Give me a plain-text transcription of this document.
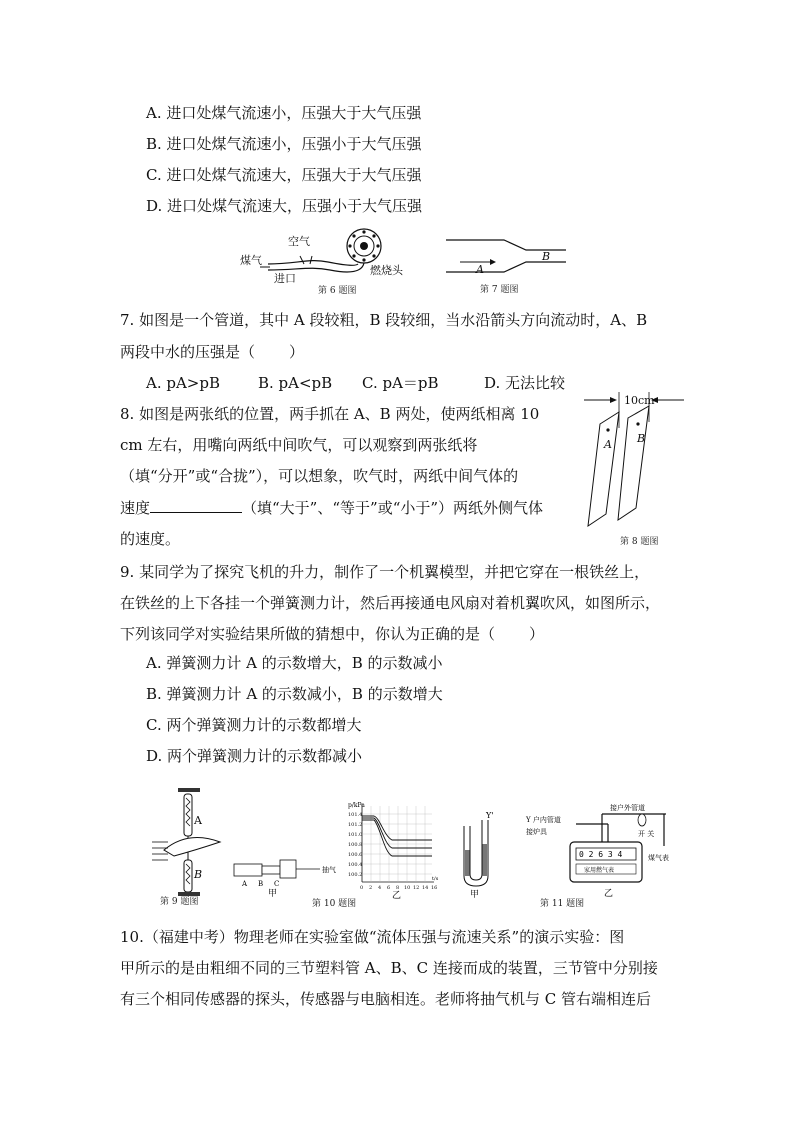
A. 进口处煤气流速小，压强大于大气压强
B. 进口处煤气流速小，压强小于大气压强
C. 进口处煤气流速大，压强大于大气压强
D. 进口处煤气流速大，压强小于大气压强
空气
煤气
进口
燃烧头
第 6 题图
A
B
第 7 题图
7. 如图是一个管道，其中 A 段较粗，B 段较细，当水沿箭头方向流动时，A、B
两段中水的压强是（ ）
A. pA>pB	B. pA<pB C. pA＝pB	D. 无法比较
8. 如图是两张纸的位置，两手抓在 A、B 两处，使两纸相离 10
cm 左右，用嘴向两纸中间吹气，可以观察到两张纸将
（填“分开”或“合拢”），可以想象，吹气时，两纸中间气体的
速度	（填“大于”、“等于”或“小于”）两纸外侧气体
的速度。
10cm
A B
第 8 题图
9. 某同学为了探究飞机的升力，制作了一个机翼模型，并把它穿在一根铁丝上，
在铁丝的上下各挂一个弹簧测力计，然后再接通电风扇对着机翼吹风，如图所示，
下列该同学对实验结果所做的猜想中，你认为正确的是（ ）
A. 弹簧测力计 A 的示数增大，B 的示数减小
B. 弹簧测力计 A 的示数减小，B 的示数增大
C. 两个弹簧测力计的示数都增大
D. 两个弹簧测力计的示数都减小
A
B
第 9 题图
A B C
抽气
甲
p/kPa
101.4
101.2
101.0
100.8
100.6
100.4
100.2
0 2 4 6 8 10 12 14 16
t/s
乙
第 10 题图
Y'
甲
Y 户内管道
接炉具
接户外管道
开 关
0 2 6 3 4
家用燃气表
煤气表
乙
第 11 题图
10.（福建中考）物理老师在实验室做“流体压强与流速关系”的演示实验：图
甲所示的是由粗细不同的三节塑料管 A、B、C 连接而成的装置，三节管中分别接
有三个相同传感器的探头，传感器与电脑相连。老师将抽气机与 C 管右端相连后
